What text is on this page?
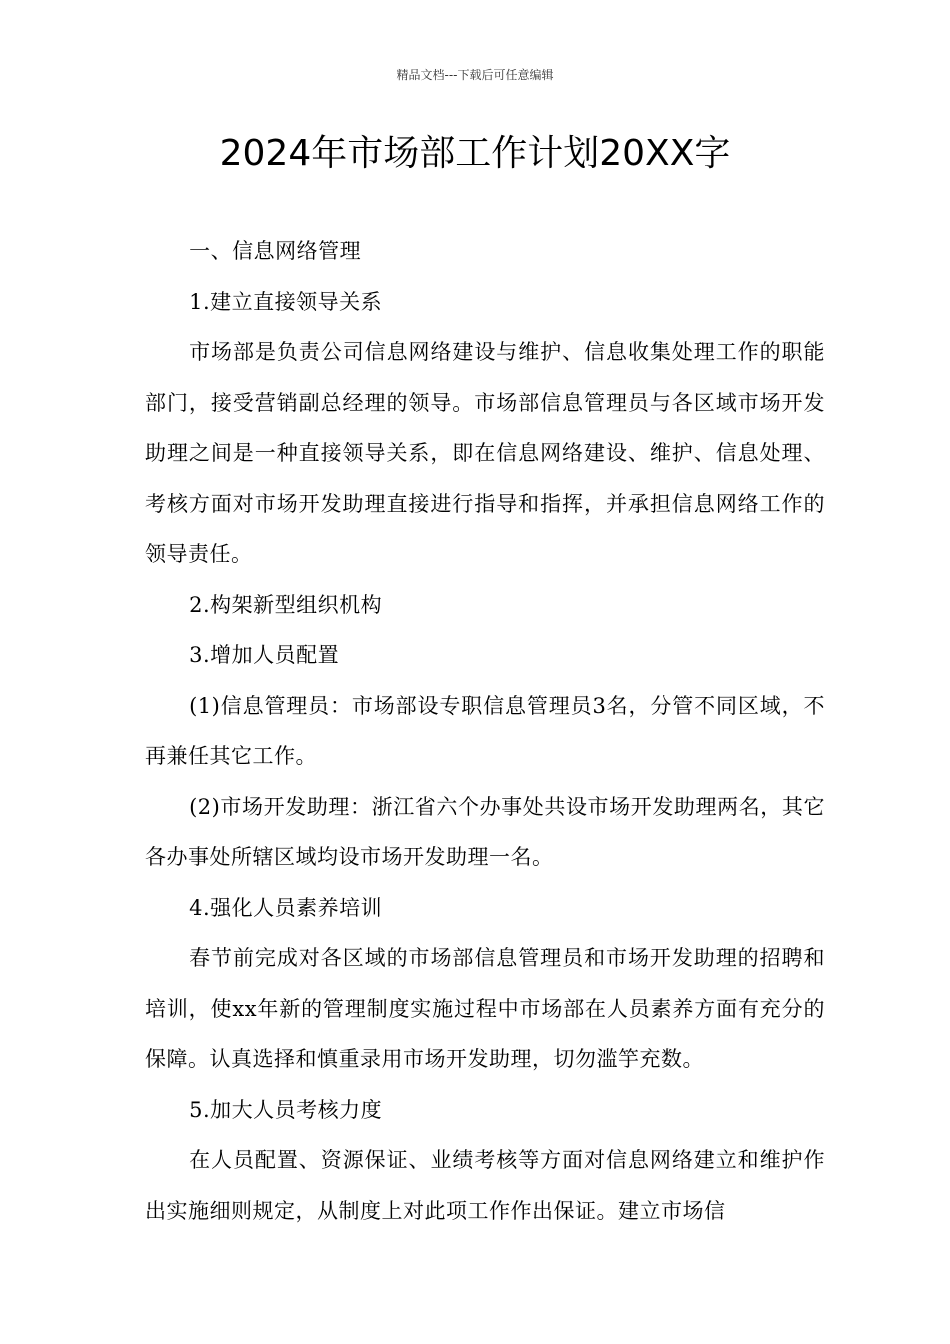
精品文档---下载后可任意编辑
2024年市场部工作计划20XX字

一、信息网络管理

1.建立直接领导关系

市场部是负责公司信息网络建设与维护、信息收集处理工作的职能部门，接受营销副总经理的领导。市场部信息管理员与各区域市场开发助理之间是一种直接领导关系，即在信息网络建设、维护、信息处理、考核方面对市场开发助理直接进行指导和指挥，并承担信息网络工作的领导责任。

2.构架新型组织机构

3.增加人员配置

(1)信息管理员：市场部设专职信息管理员3名，分管不同区域，不再兼任其它工作。

(2)市场开发助理：浙江省六个办事处共设市场开发助理两名，其它各办事处所辖区域均设市场开发助理一名。

4.强化人员素养培训

春节前完成对各区域的市场部信息管理员和市场开发助理的招聘和培训，使xx年新的管理制度实施过程中市场部在人员素养方面有充分的保障。认真选择和慎重录用市场开发助理，切勿滥竽充数。

5.加大人员考核力度

在人员配置、资源保证、业绩考核等方面对信息网络建立和维护作出实施细则规定，从制度上对此项工作作出保证。建立市场信
